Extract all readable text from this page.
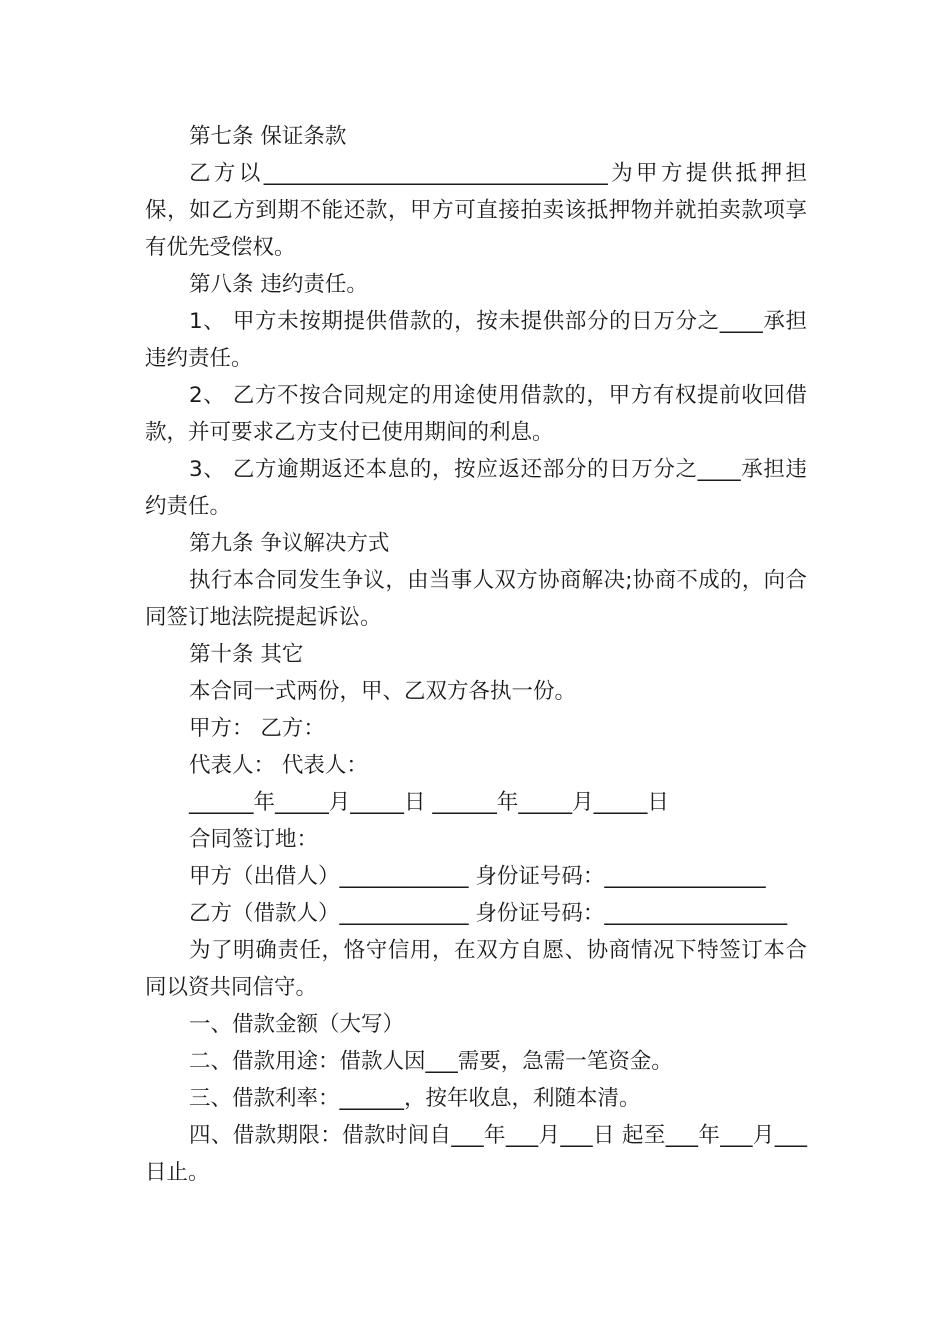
第七条 保证条款

乙方以________________________________为甲方提供抵押担保，如乙方到期不能还款，甲方可直接拍卖该抵押物并就拍卖款项享有优先受偿权。

第八条 违约责任。

1、 甲方未按期提供借款的，按未提供部分的日万分之____承担违约责任。

2、 乙方不按合同规定的用途使用借款的，甲方有权提前收回借款，并可要求乙方支付已使用期间的利息。

3、 乙方逾期返还本息的，按应返还部分的日万分之____承担违约责任。

第九条 争议解决方式

执行本合同发生争议，由当事人双方协商解决;协商不成的，向合同签订地法院提起诉讼。

第十条 其它

本合同一式两份，甲、乙双方各执一份。

甲方： 乙方：

代表人： 代表人：

______年_____月_____日 ______年_____月_____日

合同签订地：

甲方（出借人）____________ 身份证号码：_______________

乙方（借款人）____________ 身份证号码：_________________

为了明确责任，恪守信用，在双方自愿、协商情况下特签订本合同以资共同信守。

一、借款金额（大写）

二、借款用途：借款人因___需要，急需一笔资金。

三、借款利率：______，按年收息，利随本清。

四、借款期限：借款时间自___年___月___日 起至___年___月___ 日止。
